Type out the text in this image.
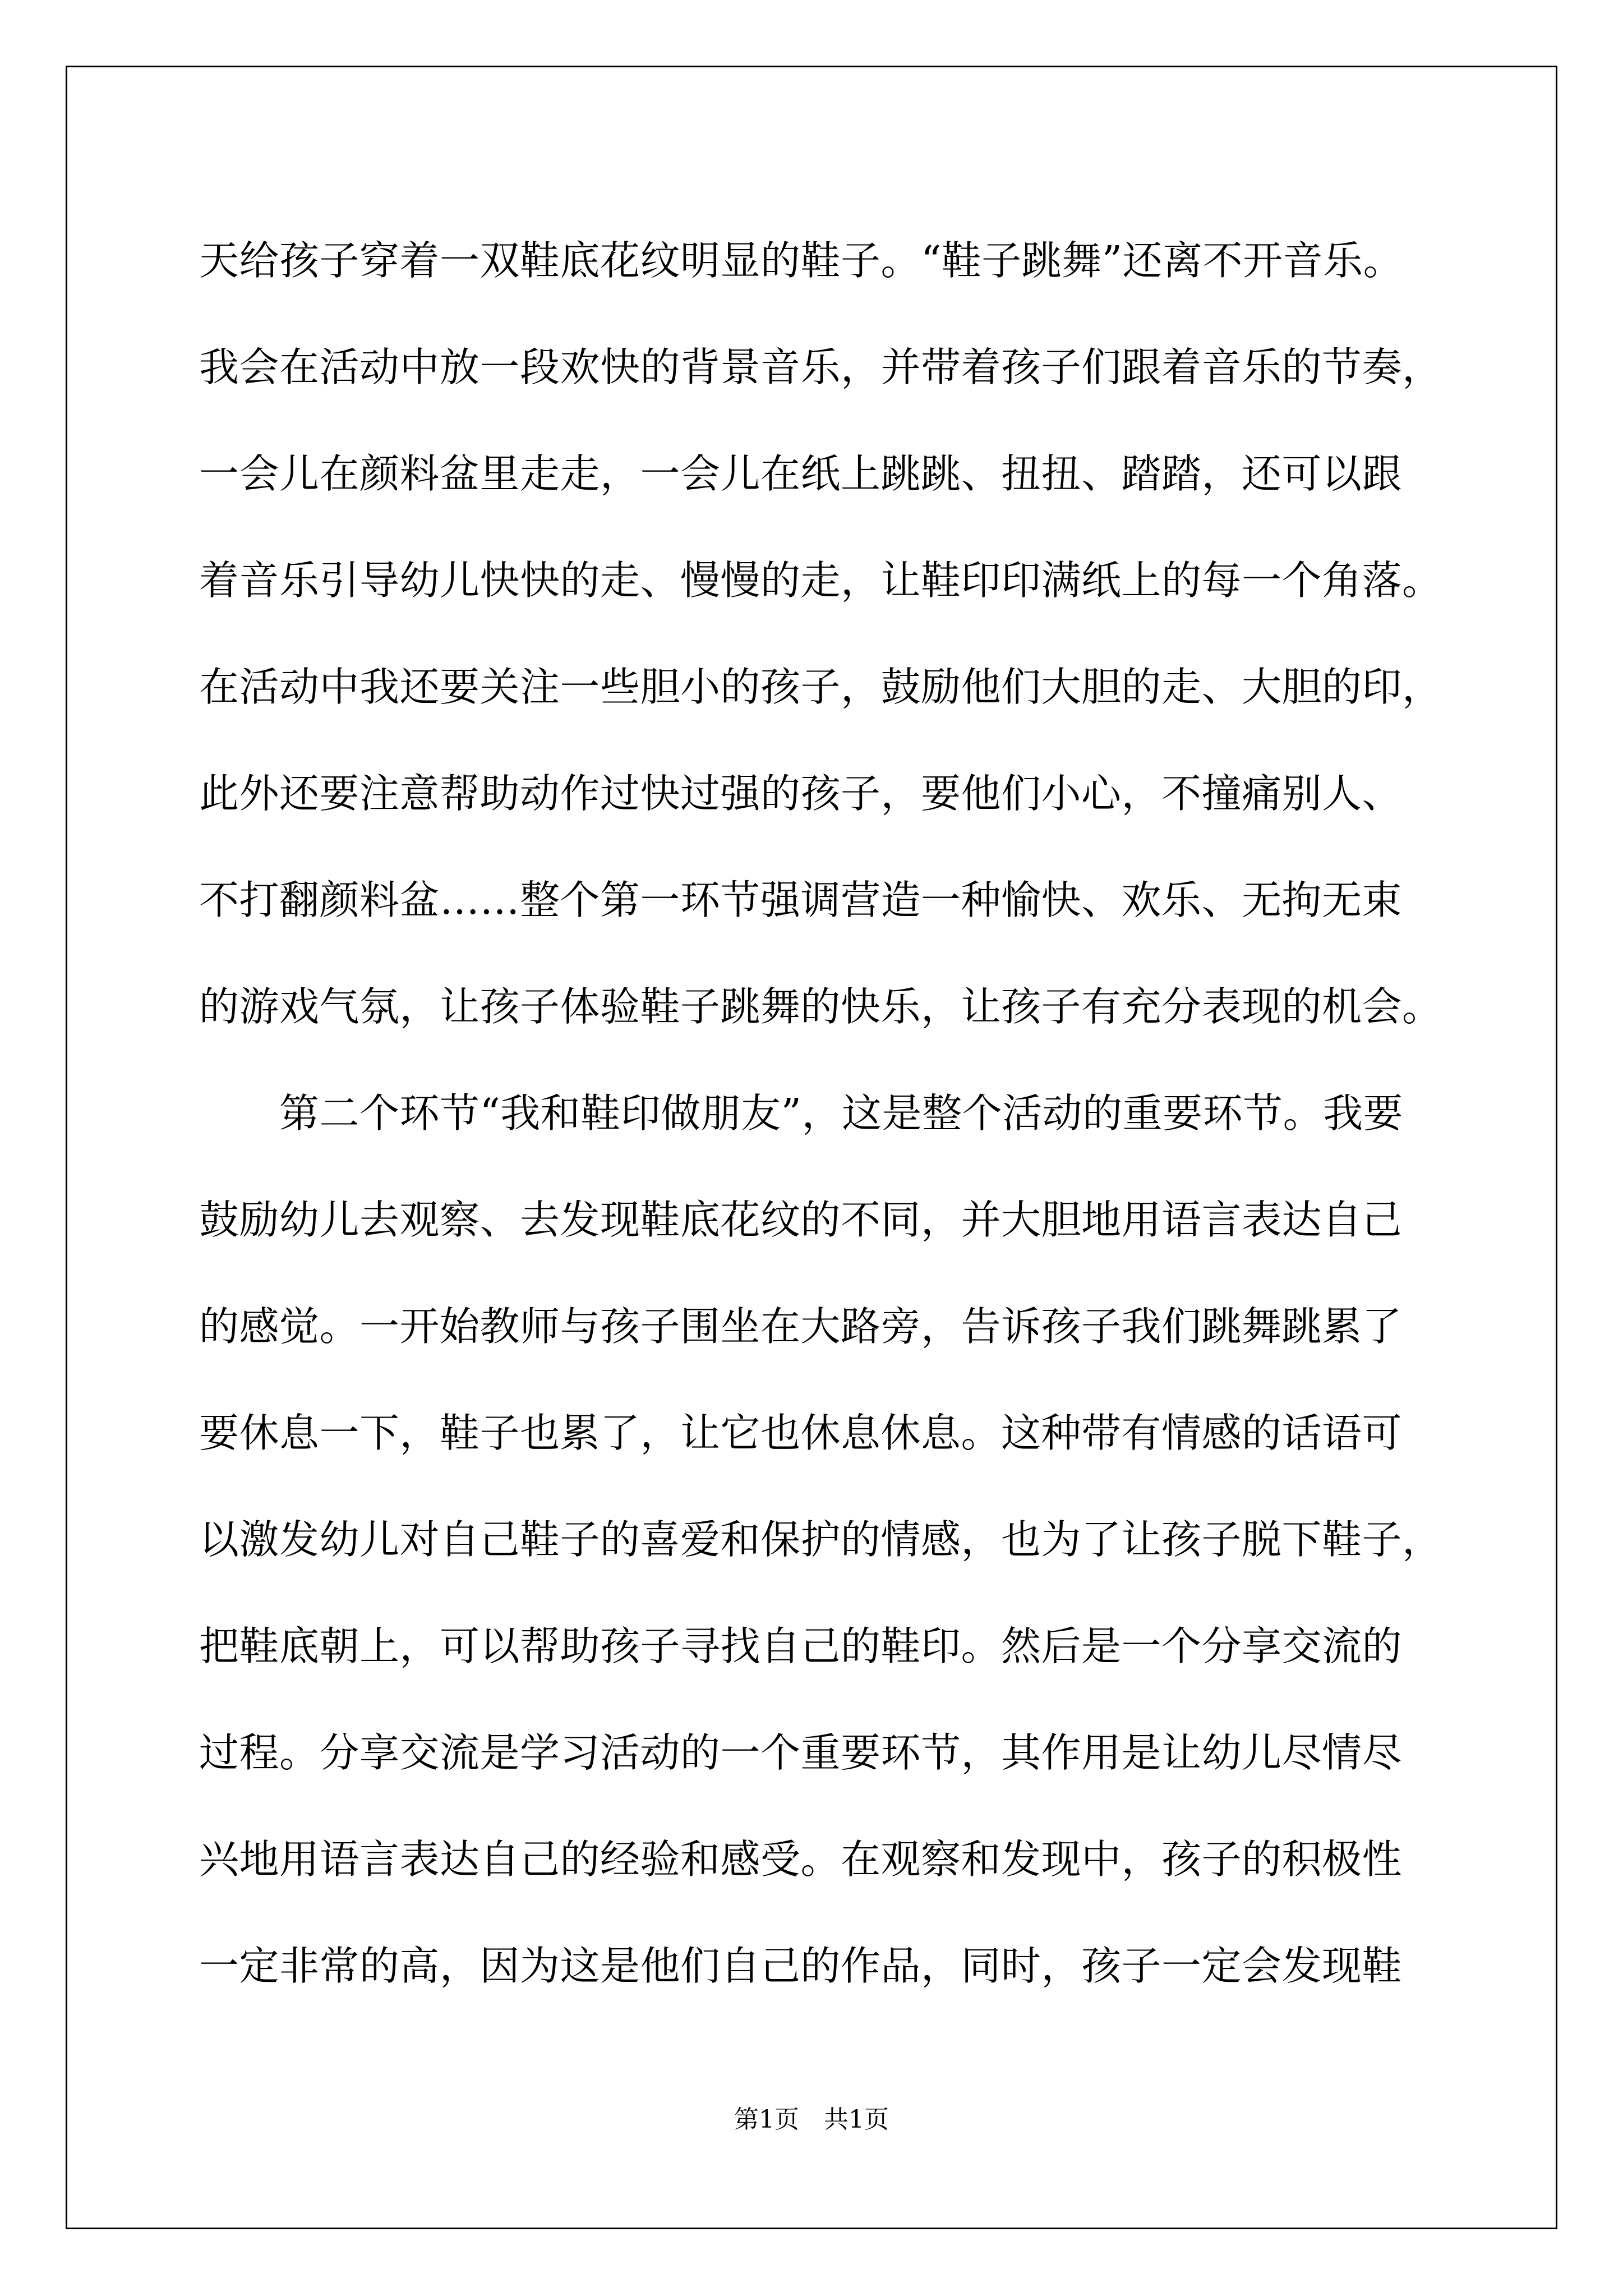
天给孩子穿着一双鞋底花纹明显的鞋子。“鞋子跳舞”还离不开音乐。
我会在活动中放一段欢快的背景音乐，并带着孩子们跟着音乐的节奏，
一会儿在颜料盆里走走，一会儿在纸上跳跳、扭扭、踏踏，还可以跟
着音乐引导幼儿快快的走、慢慢的走，让鞋印印满纸上的每一个角落。
在活动中我还要关注一些胆小的孩子，鼓励他们大胆的走、大胆的印，
此外还要注意帮助动作过快过强的孩子，要他们小心，不撞痛别人、
不打翻颜料盆……整个第一环节强调营造一种愉快、欢乐、无拘无束
的游戏气氛，让孩子体验鞋子跳舞的快乐，让孩子有充分表现的机会。
　　第二个环节“我和鞋印做朋友”，这是整个活动的重要环节。我要
鼓励幼儿去观察、去发现鞋底花纹的不同，并大胆地用语言表达自己
的感觉。一开始教师与孩子围坐在大路旁，告诉孩子我们跳舞跳累了
要休息一下，鞋子也累了，让它也休息休息。这种带有情感的话语可
以激发幼儿对自己鞋子的喜爱和保护的情感，也为了让孩子脱下鞋子，
把鞋底朝上，可以帮助孩子寻找自己的鞋印。然后是一个分享交流的
过程。分享交流是学习活动的一个重要环节，其作用是让幼儿尽情尽
兴地用语言表达自己的经验和感受。在观察和发现中，孩子的积极性
一定非常的高，因为这是他们自己的作品，同时，孩子一定会发现鞋
第1页　共1页
